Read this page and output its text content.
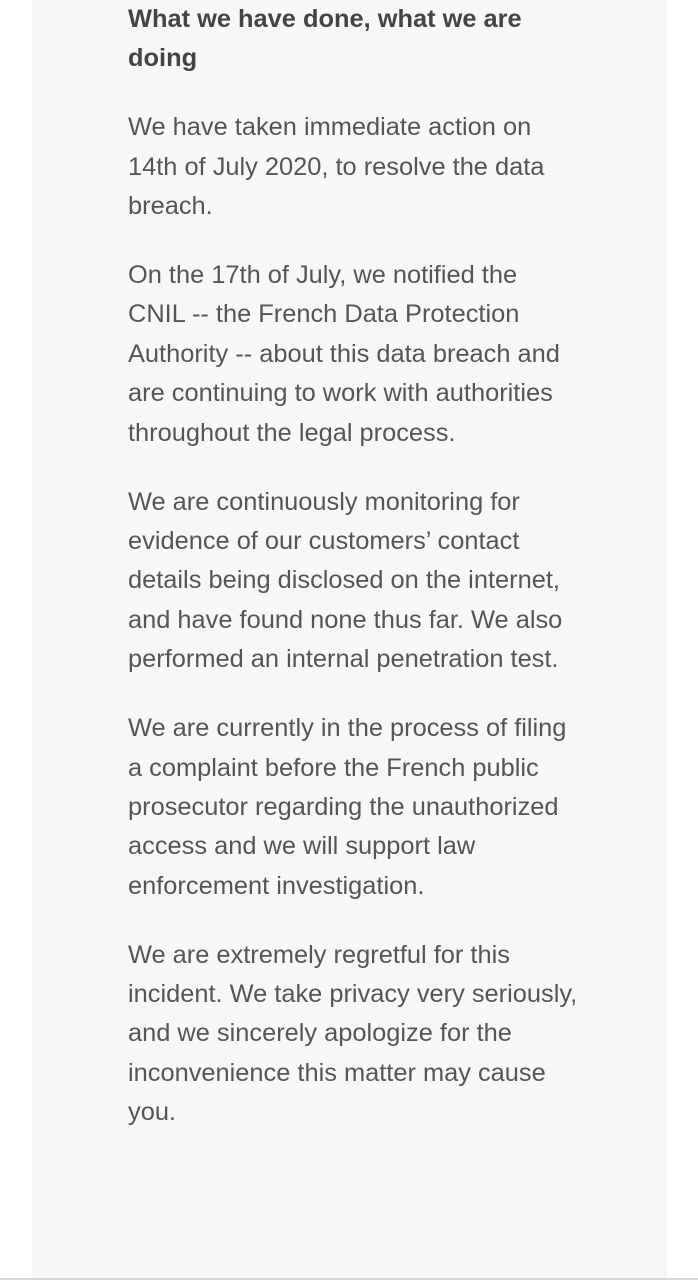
What we have done, what we are doing

We have taken immediate action on 14th of July 2020, to resolve the data breach.

On the 17th of July, we notified the CNIL -- the French Data Protection Authority -- about this data breach and are continuing to work with authorities throughout the legal process.

We are continuously monitoring for evidence of our customers’ contact details being disclosed on the internet, and have found none thus far. We also performed an internal penetration test.

We are currently in the process of filing a complaint before the French public prosecutor regarding the unauthorized access and we will support law enforcement investigation.

We are extremely regretful for this incident. We take privacy very seriously, and we sincerely apologize for the inconvenience this matter may cause you.
